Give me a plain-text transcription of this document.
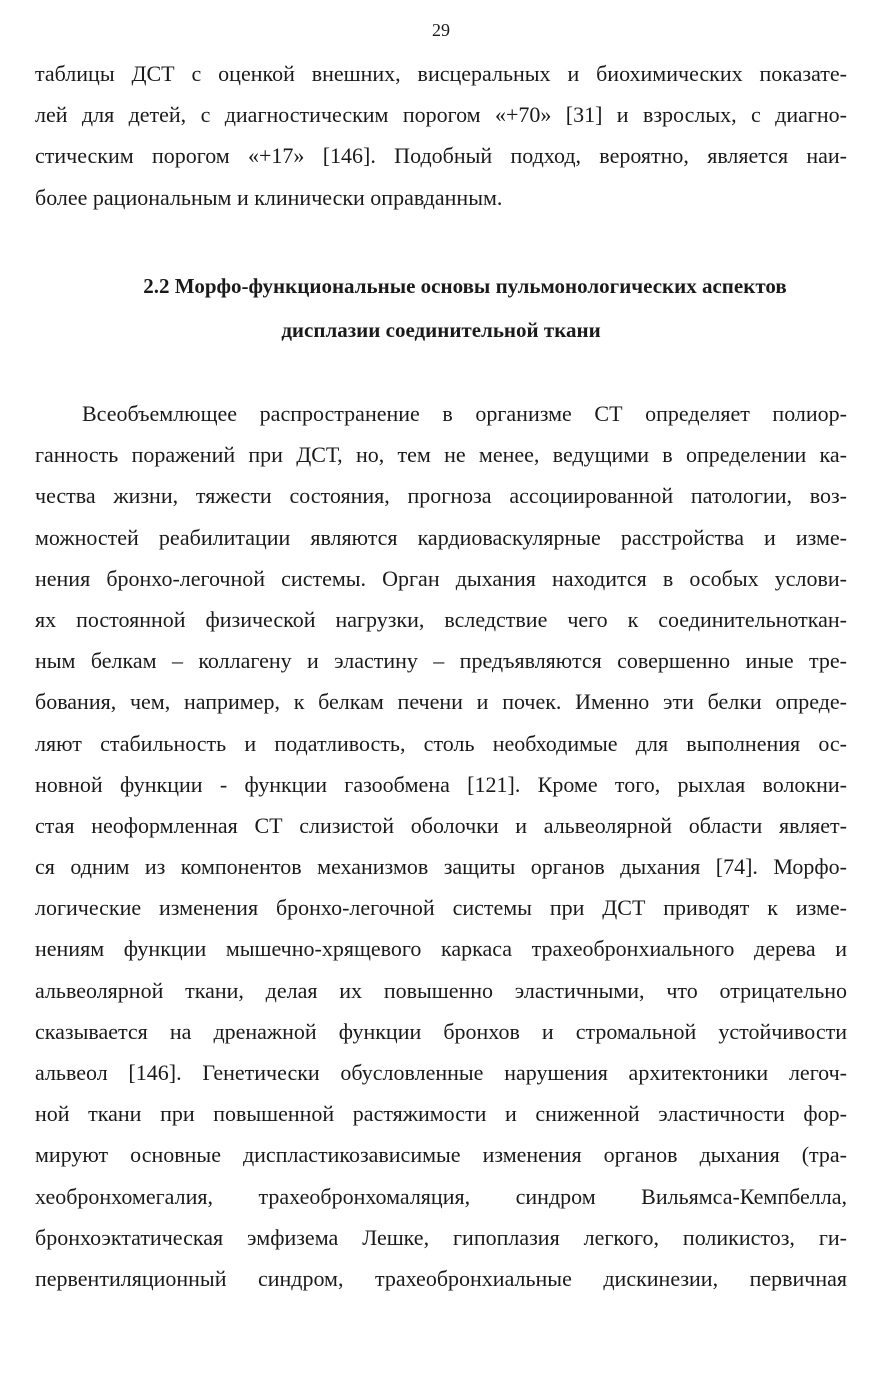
29
таблицы ДСТ с оценкой внешних, висцеральных и биохимических показате-
лей для детей, с диагностическим порогом «+70» [31] и взрослых, с диагно-
стическим порогом «+17» [146]. Подобный подход, вероятно, является наи-
более рациональным и клинически оправданным.
2.2 Морфо-функциональные основы пульмонологических аспектов
дисплазии соединительной ткани
Всеобъемлющее распространение в организме СТ определяет полиор-
ганность поражений при ДСТ, но, тем не менее, ведущими в определении ка-
чества жизни, тяжести состояния, прогноза ассоциированной патологии, воз-
можностей реабилитации являются кардиоваскулярные расстройства и изме-
нения бронхо-легочной системы. Орган дыхания находится в особых услови-
ях постоянной физической нагрузки, вследствие чего к соединительноткан-
ным белкам – коллагену и эластину – предъявляются совершенно иные тре-
бования, чем, например, к белкам печени и почек. Именно эти белки опреде-
ляют стабильность и податливость, столь необходимые для выполнения ос-
новной функции - функции газообмена [121]. Кроме того, рыхлая волокни-
стая неоформленная СТ слизистой оболочки и альвеолярной области являет-
ся одним из компонентов механизмов защиты органов дыхания [74]. Морфо-
логические изменения бронхо-легочной системы при ДСТ приводят к изме-
нениям функции мышечно-хрящевого каркаса трахеобронхиального дерева и
альвеолярной ткани, делая их повышенно эластичными, что отрицательно
сказывается на дренажной функции бронхов и стромальной устойчивости
альвеол [146]. Генетически обусловленные нарушения архитектоники легоч-
ной ткани при повышенной растяжимости и сниженной эластичности фор-
мируют основные диспластикозависимые изменения органов дыхания (тра-
хеобронхомегалия, трахеобронхомаляция, синдром Вильямса-Кемпбелла,
бронхоэктатическая эмфизема Лешке, гипоплазия легкого, поликистоз, ги-
первентиляционный синдром, трахеобронхиальные дискинезии, первичная
